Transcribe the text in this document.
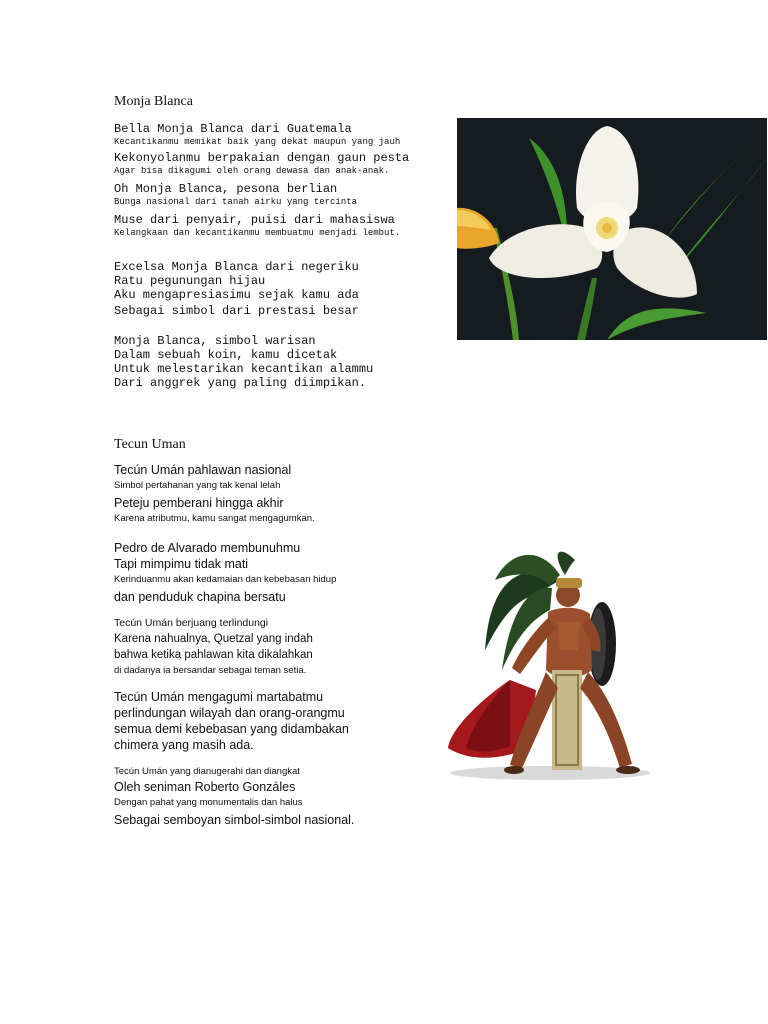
Monja Blanca

Bella Monja Blanca dari Guatemala

Kecantikanmu memikat baik yang dekat maupun yang jauh

Kekonyolanmu berpakaian dengan gaun pesta

Agar bisa dikagumi oleh orang dewasa dan anak-anak.

Oh Monja Blanca, pesona berlian

Bunga nasional dari tanah airku yang tercinta

Muse dari penyair, puisi dari mahasiswa

Kelangkaan dan kecantikanmu membuatmu menjadi lembut.

Excelsa Monja Blanca dari negeriku

Ratu pegunungan hijau

Aku mengapresiasimu sejak kamu ada

Sebagai simbol dari prestasi besar

Monja Blanca, simbol warisan

Dalam sebuah koin, kamu dicetak

Untuk melestarikan kecantikan alammu

Dari anggrek yang paling diimpikan.

Tecun Uman

Tecún Umán pahlawan nasional

Simbol pertahanan yang tak kenal lelah

Peteju pemberani hingga akhir

Karena atributmu, kamu sangat mengagumkan.

Pedro de Alvarado membunuhmu

Tapi mimpimu tidak mati

Kerinduanmu akan kedamaian dan kebebasan hidup

dan penduduk chapina bersatu

Tecún Umán berjuang terlindungi

Karena nahualnya, Quetzal yang indah

bahwa ketika pahlawan kita dikalahkan

di dadanya ia bersandar sebagai teman setia.

Tecún Umán mengagumi martabatmu

perlindungan wilayah dan orang-orangmu

semua demi kebebasan yang didambakan

chimera yang masih ada.

Tecún Umán yang dianugerahi dan diangkat

Oleh seniman Roberto Gonzáles

Dengan pahat yang monumentalis dan halus

Sebagai semboyan simbol-simbol nasional.
